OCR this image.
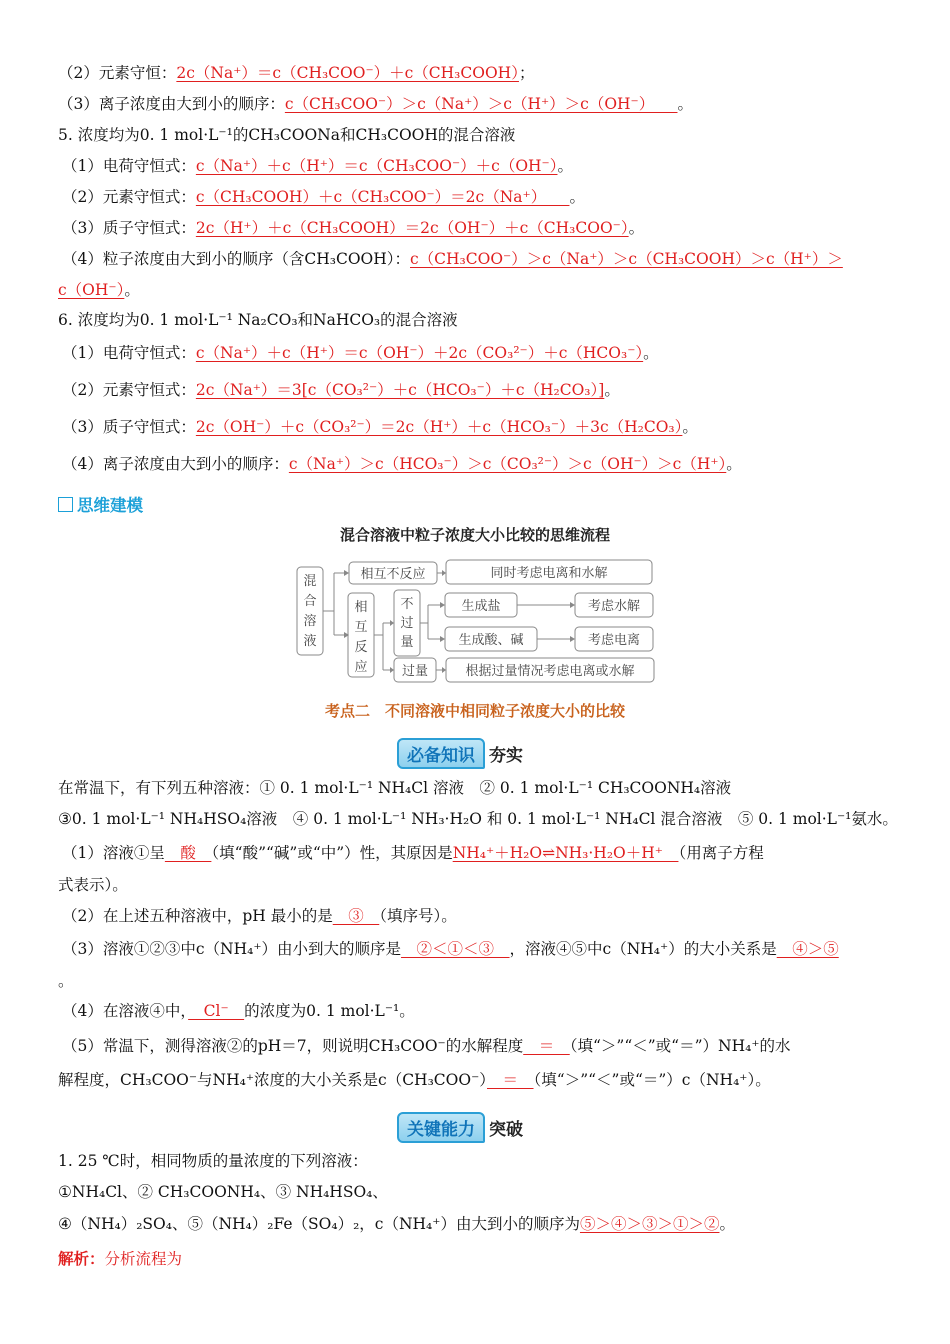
（2）元素守恒：2c（Na⁺）＝c（CH₃COO⁻）＋c（CH₃COOH）；
（3）离子浓度由大到小的顺序：c（CH₃COO⁻）＞c（Na⁺）＞c（H⁺）＞c（OH⁻）　　。
5. 浓度均为0. 1 mol·L⁻¹的CH₃COONa和CH₃COOH的混合溶液
（1）电荷守恒式：c（Na⁺）＋c（H⁺）＝c（CH₃COO⁻）＋c（OH⁻）。
（2）元素守恒式：c（CH₃COOH）＋c（CH₃COO⁻）＝2c（Na⁺）　　。
（3）质子守恒式：2c（H⁺）＋c（CH₃COOH）＝2c（OH⁻）＋c（CH₃COO⁻）。
（4）粒子浓度由大到小的顺序（含CH₃COOH）：c（CH₃COO⁻）＞c（Na⁺）＞c（CH₃COOH）＞c（H⁺）＞
c（OH⁻）。
6. 浓度均为0. 1 mol·L⁻¹ Na₂CO₃和NaHCO₃的混合溶液
（1）电荷守恒式：c（Na⁺）＋c（H⁺）＝c（OH⁻）＋2c（CO₃²⁻）＋c（HCO₃⁻）。
（2）元素守恒式：2c（Na⁺）＝3[c（CO₃²⁻）＋c（HCO₃⁻）＋c（H₂CO₃）]。
（3）质子守恒式：2c（OH⁻）＋c（CO₃²⁻）＝2c（H⁺）＋c（HCO₃⁻）＋3c（H₂CO₃）。
（4）离子浓度由大到小的顺序：c（Na⁺）＞c（HCO₃⁻）＞c（CO₃²⁻）＞c（OH⁻）＞c（H⁺）。
思维建模
混合溶液中粒子浓度大小比较的思维流程
混
合
溶
液
相互不反应	同时考虑电离和水解
相
互
反
应
不
过
量
生成盐	考虑水解
生成酸、碱	考虑电离
过量	根据过量情况考虑电离或水解
考点二　不同溶液中相同粒子浓度大小的比较
必备知识 夯实
在常温下，有下列五种溶液：① 0. 1 mol·L⁻¹ NH₄Cl 溶液　② 0. 1 mol·L⁻¹ CH₃COONH₄溶液
③0. 1 mol·L⁻¹ NH₄HSO₄溶液　④ 0. 1 mol·L⁻¹ NH₃·H₂O 和 0. 1 mol·L⁻¹ NH₄Cl 混合溶液　⑤ 0. 1 mol·L⁻¹氨水。
（1）溶液①呈　酸　（填“酸”“碱”或“中”）性，其原因是NH₄⁺＋H₂O⇌NH₃·H₂O＋H⁺　（用离子方程
式表示）。
（2）在上述五种溶液中，pH 最小的是　③　（填序号）。
（3）溶液①②③中c（NH₄⁺）由小到大的顺序是　②＜①＜③　，溶液④⑤中c（NH₄⁺）的大小关系是　④＞⑤
。
（4）在溶液④中，　Cl⁻　的浓度为0. 1 mol·L⁻¹。
（5）常温下，测得溶液②的pH＝7，则说明CH₃COO⁻的水解程度　＝　（填“＞”“＜”或“＝”）NH₄⁺的水
解程度，CH₃COO⁻与NH₄⁺浓度的大小关系是c（CH₃COO⁻）　＝　（填“＞”“＜”或“＝”）c（NH₄⁺）。
关键能力 突破
1. 25 ℃时，相同物质的量浓度的下列溶液：
①NH₄Cl、② CH₃COONH₄、③ NH₄HSO₄、
④（NH₄）₂SO₄、⑤（NH₄）₂Fe（SO₄）₂，c（NH₄⁺）由大到小的顺序为⑤＞④＞③＞①＞②。
解析：分析流程为
